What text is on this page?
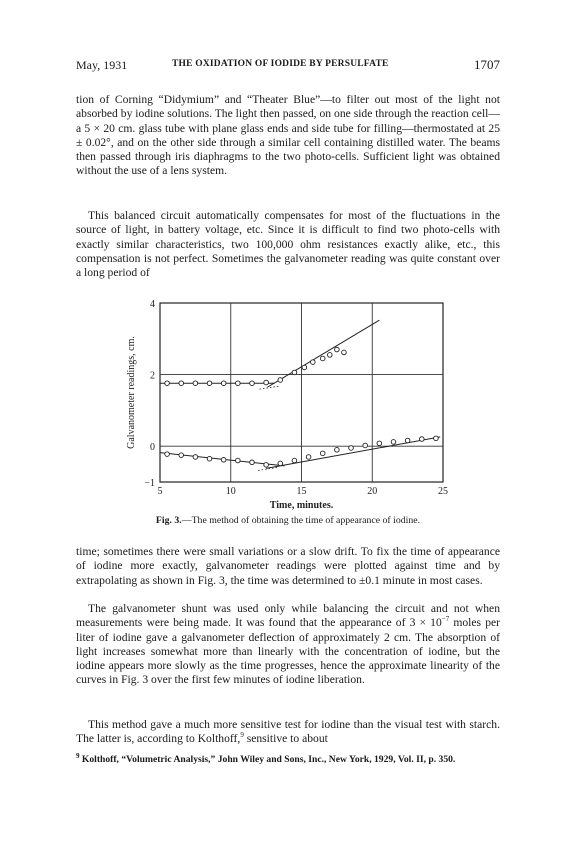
May, 1931	THE OXIDATION OF IODIDE BY PERSULFATE	1707

tion of Corning “Didymium” and “Theater Blue”—to filter out most of the light not absorbed by iodine solutions. The light then passed, on one side through the reaction cell—a 5 × 20 cm. glass tube with plane glass ends and side tube for filling—thermostated at 25 ± 0.02°, and on the other side through a similar cell containing distilled water. The beams then passed through iris diaphragms to the two photo-cells. Sufficient light was obtained without the use of a lens system.

This balanced circuit automatically compensates for most of the fluctuations in the source of light, in battery voltage, etc. Since it is difficult to find two photo-cells with exactly similar characteristics, two 100,000 ohm resistances exactly alike, etc., this compensation is not perfect. Sometimes the galvanometer reading was quite constant over a long period of

5	10	15	20	25
−1
0
2
4
Time, minutes.
Galvanometer readings, cm.
Fig. 3.—The method of obtaining the time of appearance of iodine.

time; sometimes there were small variations or a slow drift. To fix the time of appearance of iodine more exactly, galvanometer readings were plotted against time and by extrapolating as shown in Fig. 3, the time was determined to ±0.1 minute in most cases.

The galvanometer shunt was used only while balancing the circuit and not when measurements were being made. It was found that the appearance of $3 \times 10^{-7}$ moles per liter of iodine gave a galvanometer deflection of approximately 2 cm. The absorption of light increases somewhat more than linearly with the concentration of iodine, but the iodine appears more slowly as the time progresses, hence the approximate linearity of the curves in Fig. 3 over the first few minutes of iodine liberation.

This method gave a much more sensitive test for iodine than the visual test with starch. The latter is, according to Kolthoff,$^9$ sensitive to about

$^9$ Kolthoff, “Volumetric Analysis,” John Wiley and Sons, Inc., New York, 1929, Vol. II, p. 350.
